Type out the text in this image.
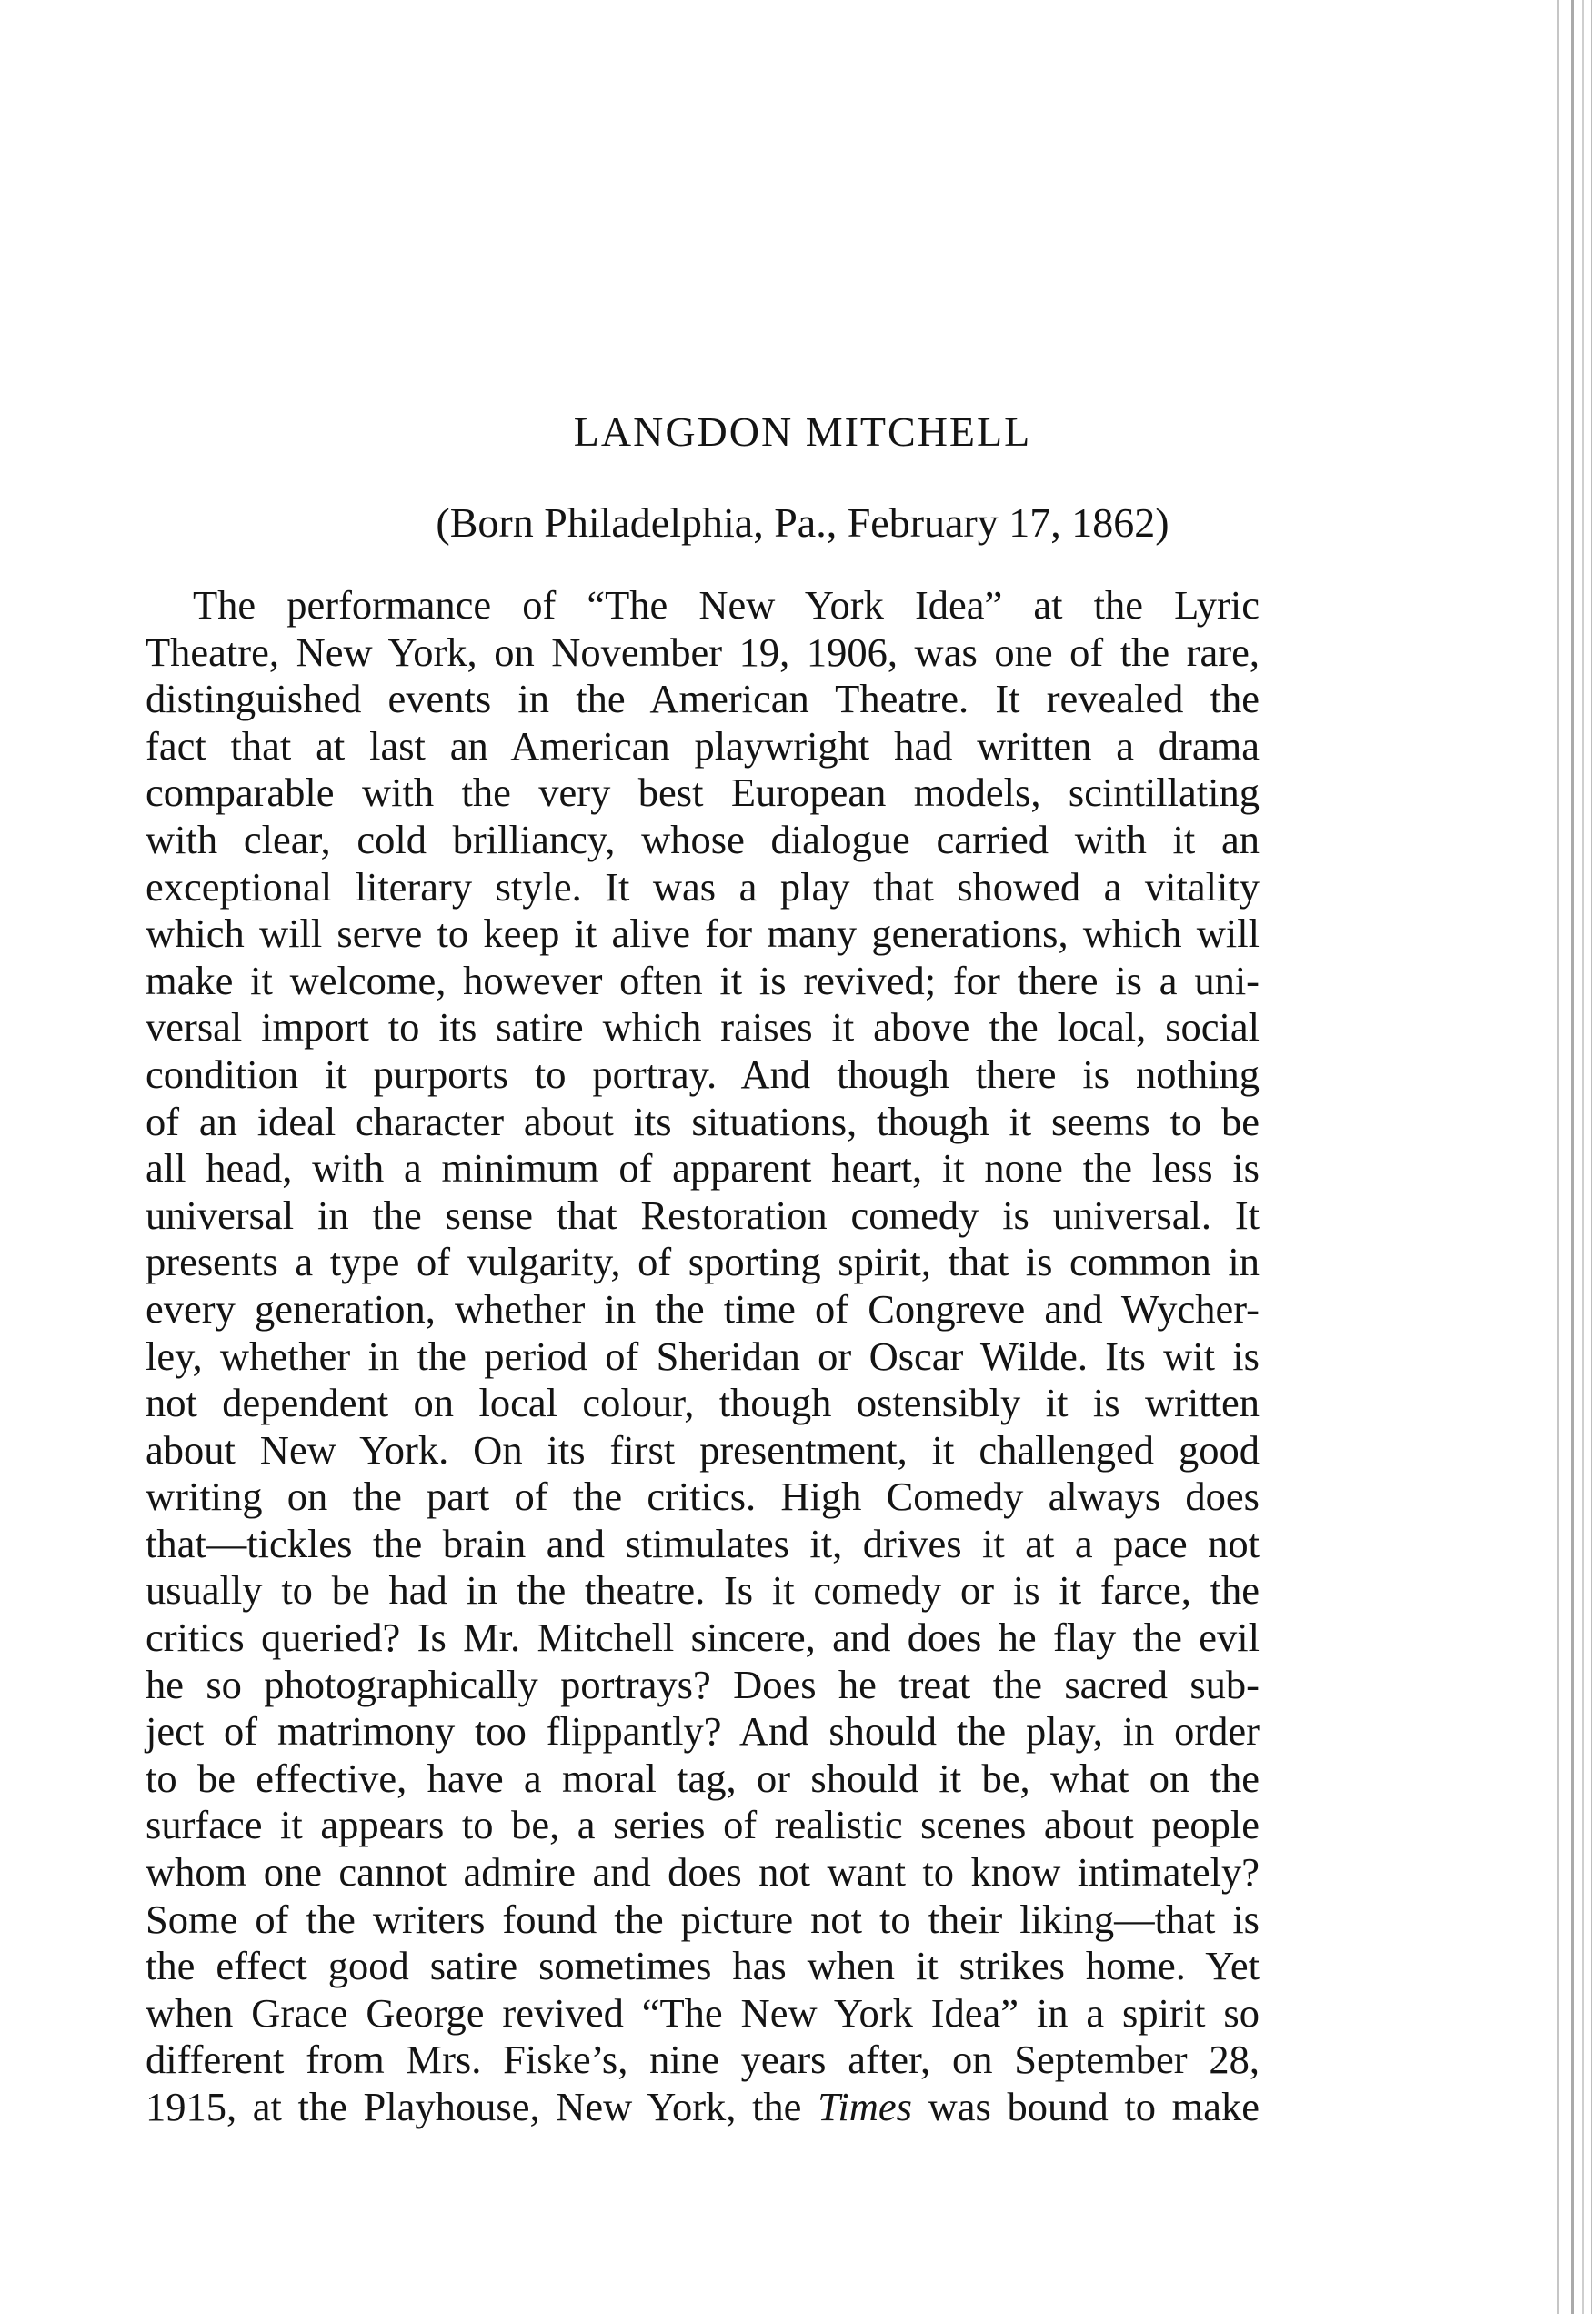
LANGDON MITCHELL

(Born Philadelphia, Pa., February 17, 1862)

The performance of “The New York Idea” at the Lyric
Theatre, New York, on November 19, 1906, was one of the rare,
distinguished events in the American Theatre. It revealed the
fact that at last an American playwright had written a drama
comparable with the very best European models, scintillating
with clear, cold brilliancy, whose dialogue carried with it an
exceptional literary style. It was a play that showed a vitality
which will serve to keep it alive for many generations, which will
make it welcome, however often it is revived; for there is a uni-
versal import to its satire which raises it above the local, social
condition it purports to portray. And though there is nothing
of an ideal character about its situations, though it seems to be
all head, with a minimum of apparent heart, it none the less is
universal in the sense that Restoration comedy is universal. It
presents a type of vulgarity, of sporting spirit, that is common in
every generation, whether in the time of Congreve and Wycher-
ley, whether in the period of Sheridan or Oscar Wilde. Its wit is
not dependent on local colour, though ostensibly it is written
about New York. On its first presentment, it challenged good
writing on the part of the critics. High Comedy always does
that—tickles the brain and stimulates it, drives it at a pace not
usually to be had in the theatre. Is it comedy or is it farce, the
critics queried? Is Mr. Mitchell sincere, and does he flay the evil
he so photographically portrays? Does he treat the sacred sub-
ject of matrimony too flippantly? And should the play, in order
to be effective, have a moral tag, or should it be, what on the
surface it appears to be, a series of realistic scenes about people
whom one cannot admire and does not want to know intimately?
Some of the writers found the picture not to their liking—that is
the effect good satire sometimes has when it strikes home. Yet
when Grace George revived “The New York Idea” in a spirit so
different from Mrs. Fiske’s, nine years after, on September 28,
1915, at the Playhouse, New York, the Times was bound to make
